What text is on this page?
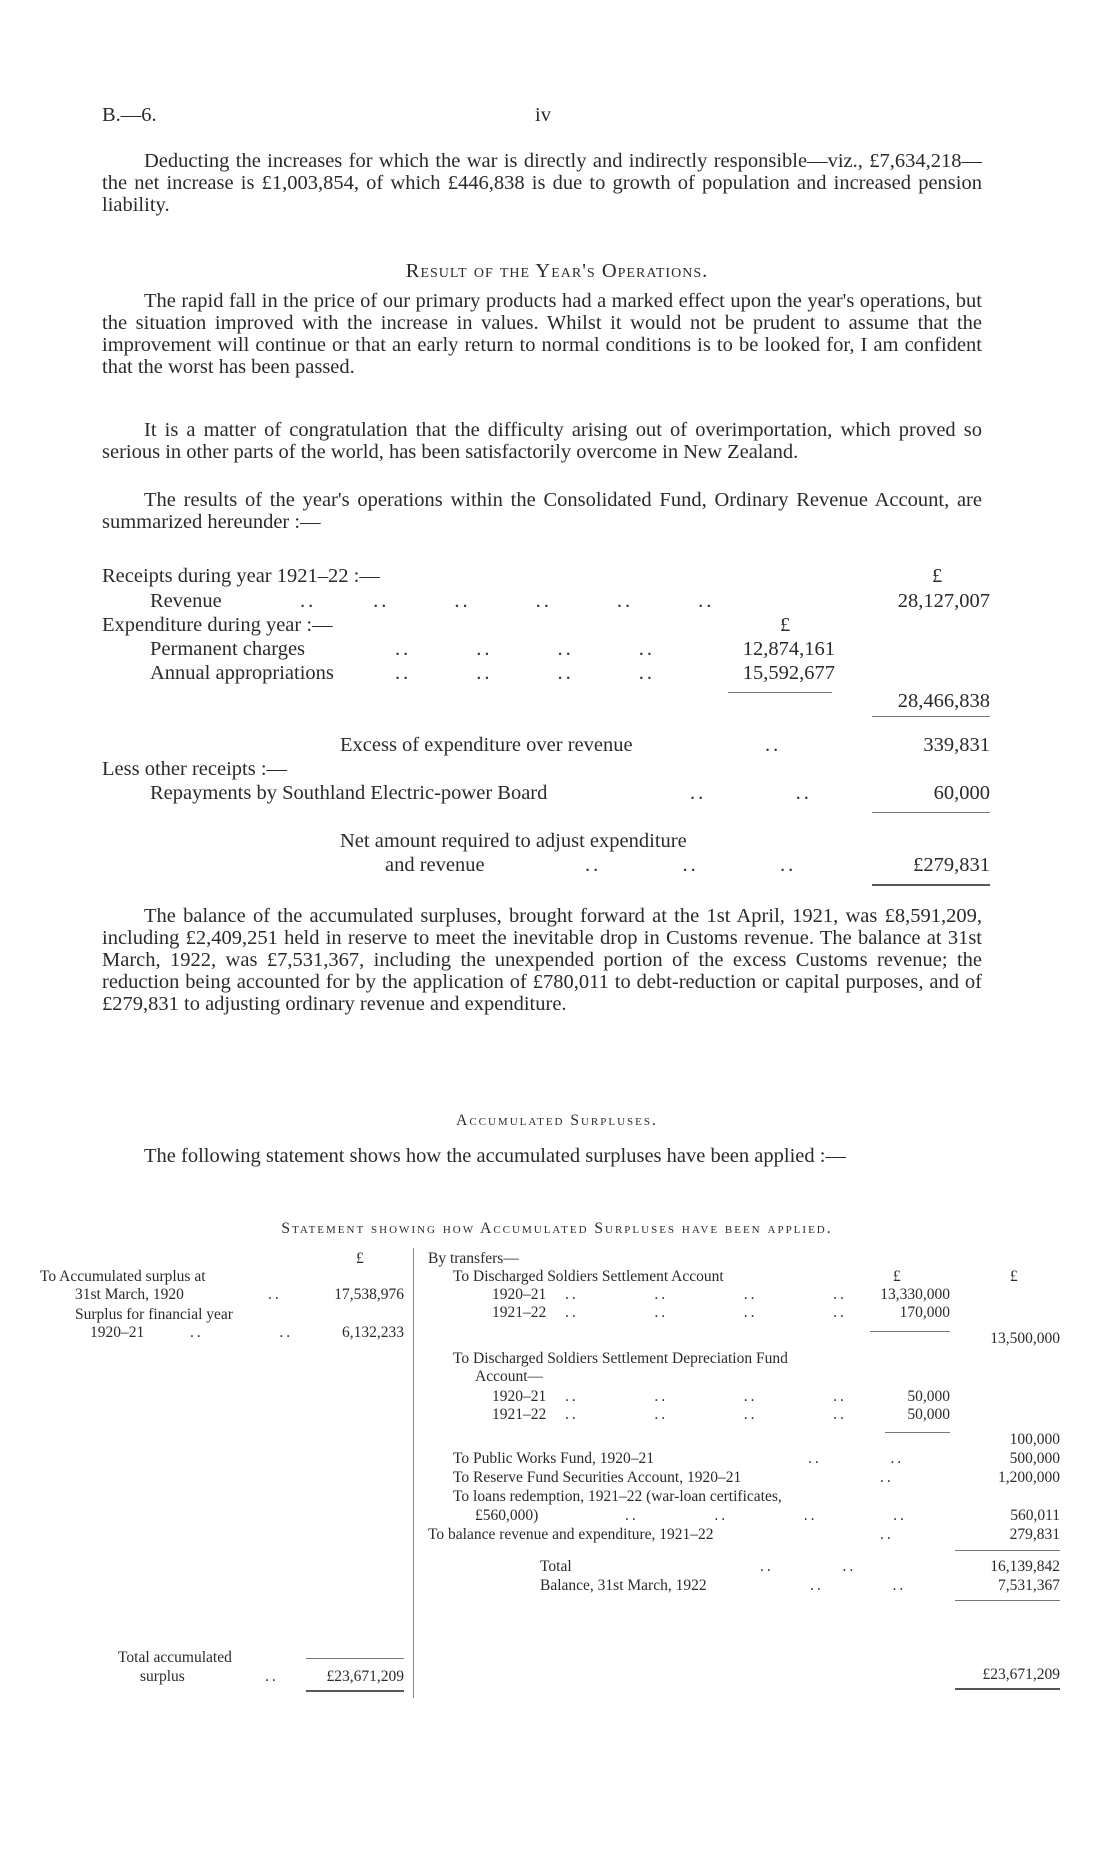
B.—6.	iv

Deducting the increases for which the war is directly and indirectly responsible—viz., £7,634,218—the net increase is £1,003,854, of which £446,838 is due to growth of population and increased pension liability.

Result of the Year's Operations.

The rapid fall in the price of our primary products had a marked effect upon the year's operations, but the situation improved with the increase in values. Whilst it would not be prudent to assume that the improvement will continue or that an early return to normal conditions is to be looked for, I am confident that the worst has been passed.

It is a matter of congratulation that the difficulty arising out of overimportation, which proved so serious in other parts of the world, has been satisfactorily overcome in New Zealand.

The results of the year's operations within the Consolidated Fund, Ordinary Revenue Account, are summarized hereunder :—

Receipts during year 1921–22 :—	£
Revenue	..       ..        ..        ..        ..        ..	28,127,007
Expenditure during year :—	£
Permanent charges	..        ..        ..        ..	12,874,161
Annual appropriations	..        ..        ..        ..	15,592,677
28,466,838
Excess of expenditure over revenue	..	339,831
Less other receipts :—
Repayments by Southland Electric-power Board	..           ..	60,000
Net amount required to adjust expenditure
and revenue	..          ..          ..	£279,831

The balance of the accumulated surpluses, brought forward at the 1st April, 1921, was £8,591,209, including £2,409,251 held in reserve to meet the inevitable drop in Customs revenue. The balance at 31st March, 1922, was £7,531,367, including the unexpended portion of the excess Customs revenue; the reduction being accounted for by the application of £780,011 to debt-reduction or capital purposes, and of £279,831 to adjusting ordinary revenue and expenditure.

Accumulated Surpluses.

The following statement shows how the accumulated surpluses have been applied :—

Statement showing how Accumulated Surpluses have been applied.
£
To Accumulated surplus at
31st March, 1920	..	17,538,976
Surplus for financial year
1920–21	..           ..	6,132,233
Total accumulated
surplus	..	£23,671,209
By transfers—
To Discharged Soldiers Settlement Account	£	£
1920–21 ..           ..           ..           ..	13,330,000
1921–22 ..           ..           ..           ..	170,000
13,500,000
To Discharged Soldiers Settlement Depreciation Fund
Account—
1920–21 ..           ..           ..           ..	50,000
1921–22 ..           ..           ..           ..	50,000
100,000
To Public Works Fund, 1920–21	..          ..	500,000
To Reserve Fund Securities Account, 1920–21	..	1,200,000
To loans redemption, 1921–22 (war-loan certificates,
£560,000)	..           ..           ..           ..	560,011
To balance revenue and expenditure, 1921–22	..	279,831
Total	..          ..	16,139,842
Balance, 31st March, 1922	..          ..	7,531,367
£23,671,209
